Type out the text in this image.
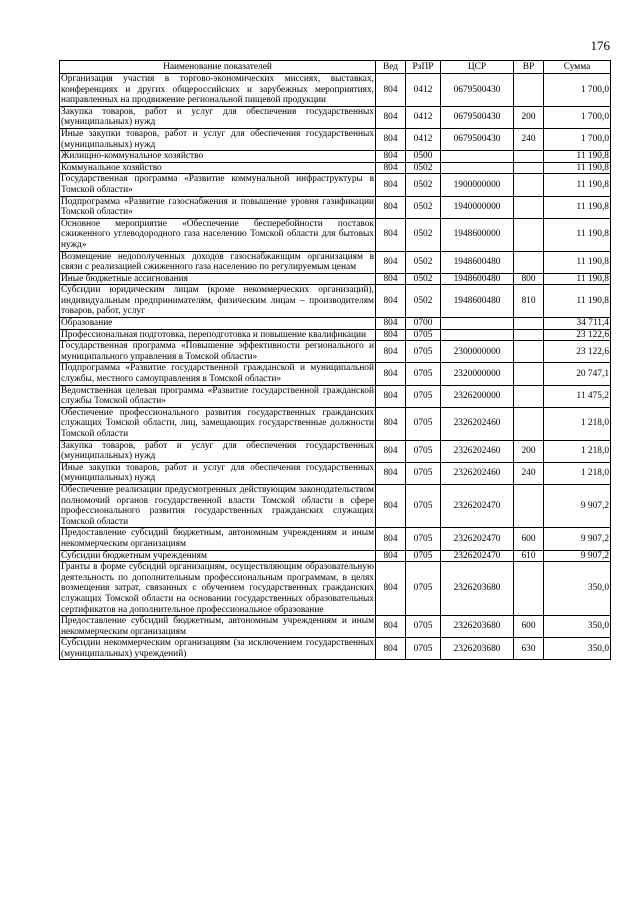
176
Наименование показателей	Вед	РзПР	ЦСР	ВР	Сумма
Организация участия в торгово-экономических миссиях, выставках, конференциях и других общероссийских и зарубежных мероприятиях, направленных на продвижение региональной пищевой продукции	804	0412	0679500430		1 700,0
Закупка товаров, работ и услуг для обеспечения государственных (муниципальных) нужд	804	0412	0679500430	200	1 700,0
Иные закупки товаров, работ и услуг для обеспечения государственных (муниципальных) нужд	804	0412	0679500430	240	1 700,0
Жилищно-коммунальное хозяйство	804	0500			11 190,8
Коммунальное хозяйство	804	0502			11 190,8
Государственная программа «Развитие коммунальной инфраструктуры в Томской области»	804	0502	1900000000		11 190,8
Подпрограмма «Развитие газоснабжения и повышение уровня газификации Томской области»	804	0502	1940000000		11 190,8
Основное мероприятие «Обеспечение бесперебойности поставок сжиженного углеводородного газа населению Томской области для бытовых нужд»	804	0502	1948600000		11 190,8
Возмещение недополученных доходов газоснабжающим организациям в связи с реализацией сжиженного газа населению по регулируемым ценам	804	0502	1948600480		11 190,8
Иные бюджетные ассигнования	804	0502	1948600480	800	11 190,8
Субсидии юридическим лицам (кроме некоммерческих организаций), индивидуальным предпринимателям, физическим лицам – производителям товаров, работ, услуг	804	0502	1948600480	810	11 190,8
Образование	804	0700			34 711,4
Профессиональная подготовка, переподготовка и повышение квалификации	804	0705			23 122,6
Государственная программа «Повышение эффективности регионального и муниципального управления в Томской области»	804	0705	2300000000		23 122,6
Подпрограмма «Развитие государственной гражданской и муниципальной службы, местного самоуправления в Томской области»	804	0705	2320000000		20 747,1
Ведомственная целевая программа «Развитие государственной гражданской службы Томской области»	804	0705	2326200000		11 475,2
Обеспечение профессионального развития государственных гражданских служащих Томской области, лиц, замещающих государственные должности Томской области	804	0705	2326202460		1 218,0
Закупка товаров, работ и услуг для обеспечения государственных (муниципальных) нужд	804	0705	2326202460	200	1 218,0
Иные закупки товаров, работ и услуг для обеспечения государственных (муниципальных) нужд	804	0705	2326202460	240	1 218,0
Обеспечение реализации предусмотренных действующим законодательством полномочий органов государственной власти Томской области в сфере профессионального развития государственных гражданских служащих Томской области	804	0705	2326202470		9 907,2
Предоставление субсидий бюджетным, автономным учреждениям и иным некоммерческим организациям	804	0705	2326202470	600	9 907,2
Субсидии бюджетным учреждениям	804	0705	2326202470	610	9 907,2
Гранты в форме субсидий организациям, осуществляющим образовательную деятельность по дополнительным профессиональным программам, в целях возмещения затрат, связанных с обучением государственных гражданских служащих Томской области на основании государственных образовательных сертификатов на дополнительное профессиональное образование	804	0705	2326203680		350,0
Предоставление субсидий бюджетным, автономным учреждениям и иным некоммерческим организациям	804	0705	2326203680	600	350,0
Субсидии некоммерческим организациям (за исключением государственных (муниципальных) учреждений)	804	0705	2326203680	630	350,0
